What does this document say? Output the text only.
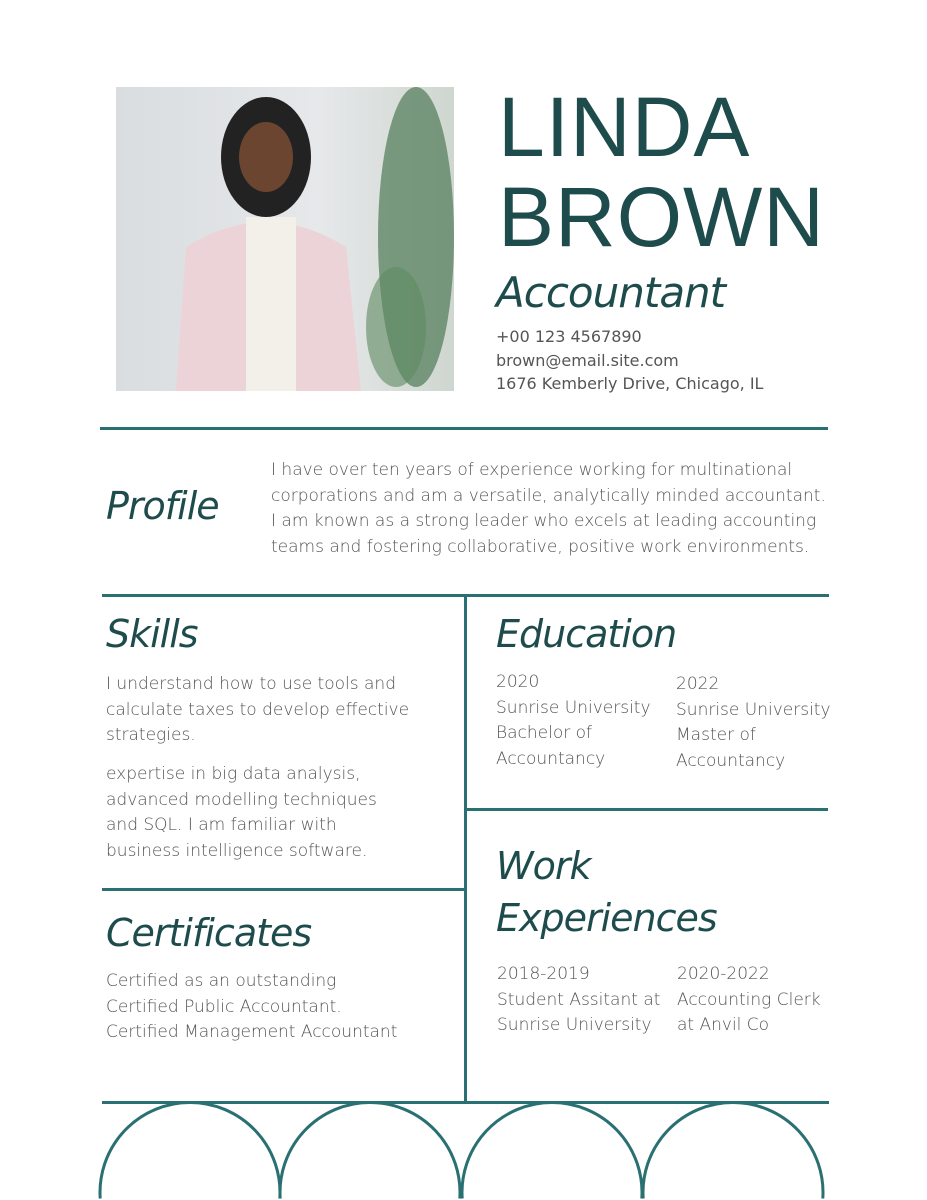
LINDA
BROWN
Accountant
+00 123 4567890
brown@email.site.com
1676 Kemberly Drive, Chicago, IL
Profile
I have over ten years of experience working for multinational
corporations and am a versatile, analytically minded accountant.
I am known as a strong leader who excels at leading accounting
teams and fostering collaborative, positive work environments.
Skills
I understand how to use tools and
calculate taxes to develop effective
strategies.
expertise in big data analysis,
advanced modelling techniques
and SQL. I am familiar with
business intelligence software.
Certificates
Certified as an outstanding
Certified Public Accountant.
Certified Management Accountant
Education
2020
Sunrise University
Bachelor of
Accountancy
2022
Sunrise University
Master of
Accountancy
Work
Experiences
2018-2019
Student Assitant at
Sunrise University
2020-2022
Accounting Clerk
at Anvil Co
